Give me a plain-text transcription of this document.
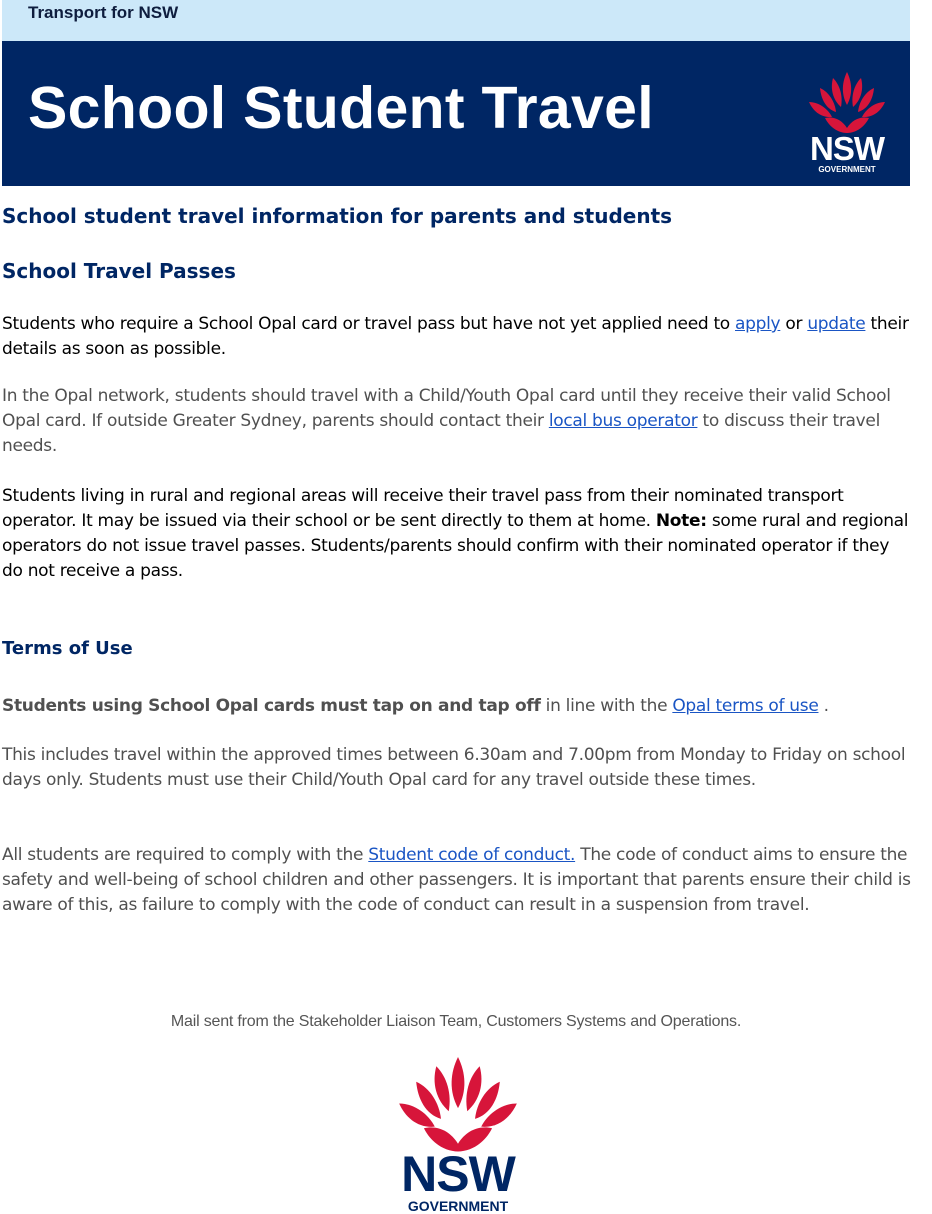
Transport for NSW
School Student Travel
NSW
GOVERNMENT
School student travel information for parents and students
School Travel Passes

Students who require a School Opal card or travel pass but have not yet applied need to apply or update their details as soon as possible.

In the Opal network, students should travel with a Child/Youth Opal card until they receive their valid School Opal card. If outside Greater Sydney, parents should contact their local bus operator to discuss their travel needs.

Students living in rural and regional areas will receive their travel pass from their nominated transport operator. It may be issued via their school or be sent directly to them at home. Note: some rural and regional operators do not issue travel passes. Students/parents should confirm with their nominated operator if they do not receive a pass.

Terms of Use

Students using School Opal cards must tap on and tap off in line with the Opal terms of use .

This includes travel within the approved times between 6.30am and 7.00pm from Monday to Friday on school days only. Students must use their Child/Youth Opal card for any travel outside these times.

All students are required to comply with the Student code of conduct. The code of conduct aims to ensure the safety and well-being of school children and other passengers. It is important that parents ensure their child is aware of this, as failure to comply with the code of conduct can result in a suspension from travel.

Mail sent from the Stakeholder Liaison Team, Customers Systems and Operations.
NSW
GOVERNMENT
